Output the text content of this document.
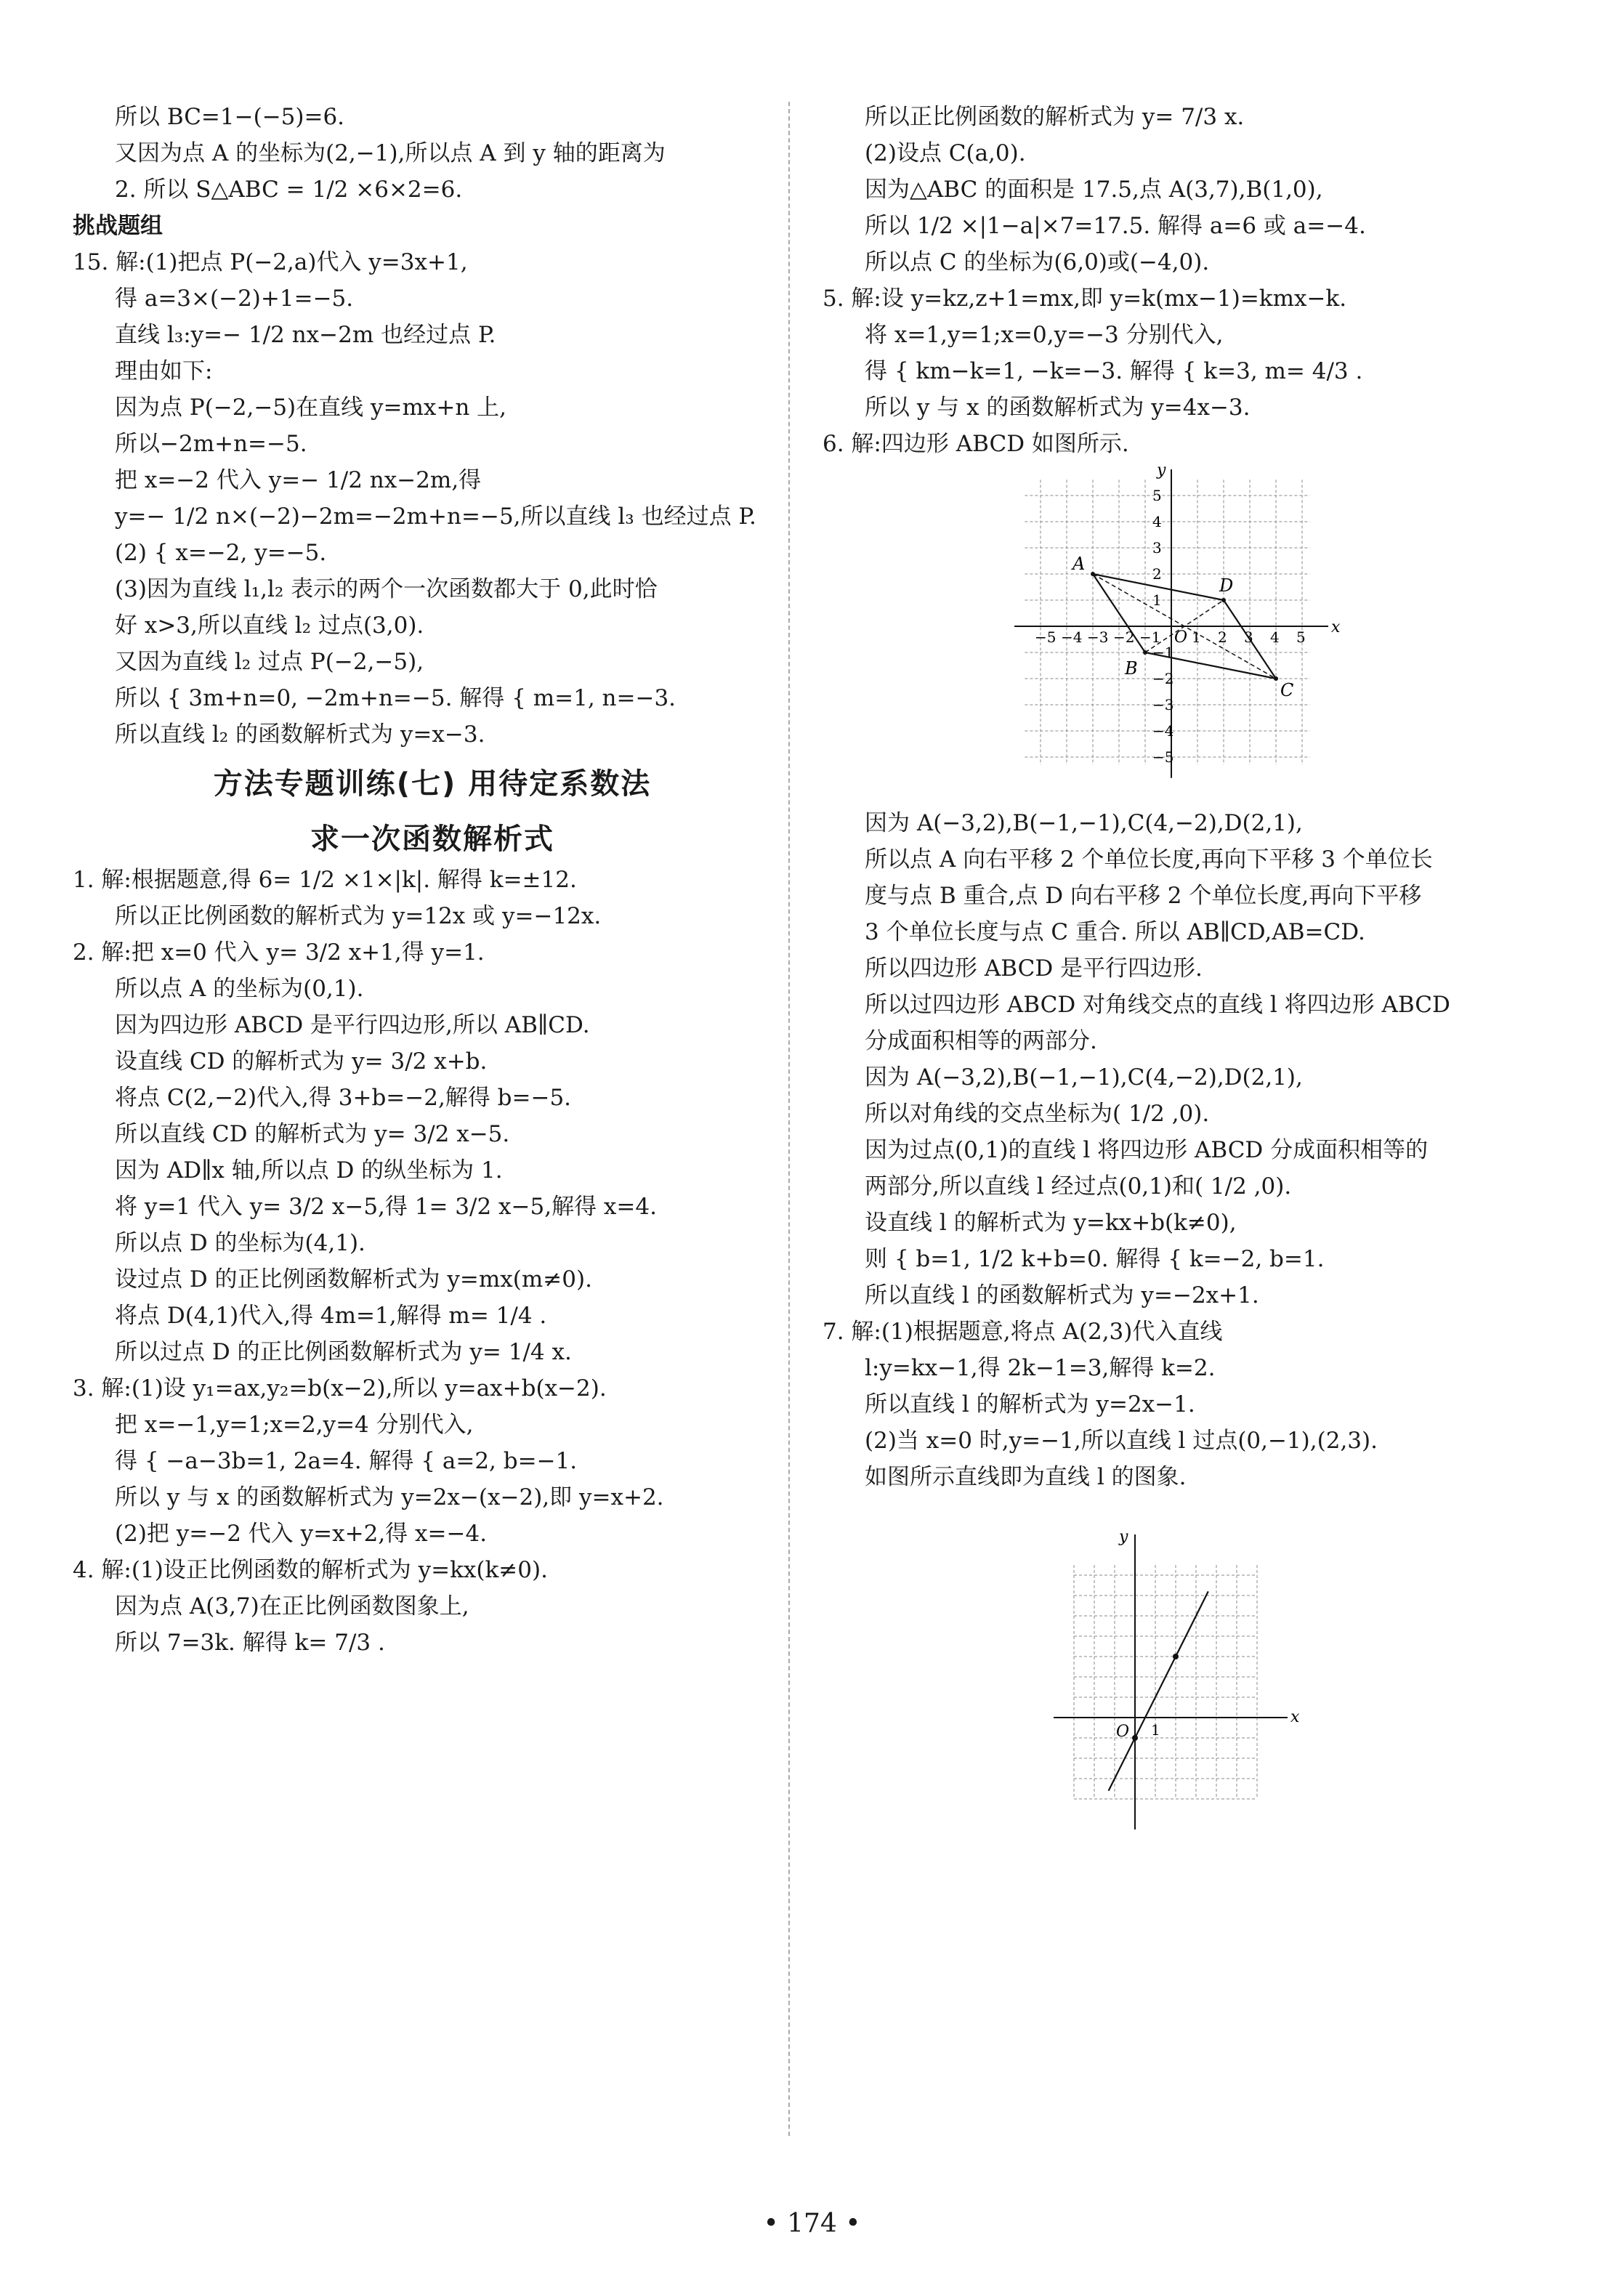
所以 BC=1−(−5)=6.
又因为点 A 的坐标为(2,−1),所以点 A 到 y 轴的距离为
2. 所以 S△ABC = 1/2 ×6×2=6.
挑战题组
15. 解:(1)把点 P(−2,a)代入 y=3x+1,
得 a=3×(−2)+1=−5.
直线 l₃:y=− 1/2 nx−2m 也经过点 P.
理由如下:
因为点 P(−2,−5)在直线 y=mx+n 上,
所以−2m+n=−5.
把 x=−2 代入 y=− 1/2 nx−2m,得
y=− 1/2 n×(−2)−2m=−2m+n=−5,所以直线 l₃ 也经过点 P.
(2) { x=−2, y=−5.
(3)因为直线 l₁,l₂ 表示的两个一次函数都大于 0,此时恰
好 x>3,所以直线 l₂ 过点(3,0).
又因为直线 l₂ 过点 P(−2,−5),
所以 { 3m+n=0, −2m+n=−5. 解得 { m=1, n=−3.
所以直线 l₂ 的函数解析式为 y=x−3.
方法专题训练(七) 用待定系数法
求一次函数解析式
1. 解:根据题意,得 6= 1/2 ×1×|k|. 解得 k=±12.
所以正比例函数的解析式为 y=12x 或 y=−12x.
2. 解:把 x=0 代入 y= 3/2 x+1,得 y=1.
所以点 A 的坐标为(0,1).
因为四边形 ABCD 是平行四边形,所以 AB∥CD.
设直线 CD 的解析式为 y= 3/2 x+b.
将点 C(2,−2)代入,得 3+b=−2,解得 b=−5.
所以直线 CD 的解析式为 y= 3/2 x−5.
因为 AD∥x 轴,所以点 D 的纵坐标为 1.
将 y=1 代入 y= 3/2 x−5,得 1= 3/2 x−5,解得 x=4.
所以点 D 的坐标为(4,1).
设过点 D 的正比例函数解析式为 y=mx(m≠0).
将点 D(4,1)代入,得 4m=1,解得 m= 1/4 .
所以过点 D 的正比例函数解析式为 y= 1/4 x.
3. 解:(1)设 y₁=ax,y₂=b(x−2),所以 y=ax+b(x−2).
把 x=−1,y=1;x=2,y=4 分别代入,
得 { −a−3b=1, 2a=4. 解得 { a=2, b=−1.
所以 y 与 x 的函数解析式为 y=2x−(x−2),即 y=x+2.
(2)把 y=−2 代入 y=x+2,得 x=−4.
4. 解:(1)设正比例函数的解析式为 y=kx(k≠0).
因为点 A(3,7)在正比例函数图象上,
所以 7=3k. 解得 k= 7/3 .
所以正比例函数的解析式为 y= 7/3 x.
(2)设点 C(a,0).
因为△ABC 的面积是 17.5,点 A(3,7),B(1,0),
所以 1/2 ×|1−a|×7=17.5. 解得 a=6 或 a=−4.
所以点 C 的坐标为(6,0)或(−4,0).
5. 解:设 y=kz,z+1=mx,即 y=k(mx−1)=kmx−k.
将 x=1,y=1;x=0,y=−3 分别代入,
得 { km−k=1, −k=−3. 解得 { k=3, m= 4/3 .
所以 y 与 x 的函数解析式为 y=4x−3.
6. 解:四边形 ABCD 如图所示.
x
y
O
−5 −4 −3 −2 −1 1 2 3 4 5
5
4
3
2
1
−1
−2
−3
−4
−5
A
B
C
D
因为 A(−3,2),B(−1,−1),C(4,−2),D(2,1),
所以点 A 向右平移 2 个单位长度,再向下平移 3 个单位长
度与点 B 重合,点 D 向右平移 2 个单位长度,再向下平移
3 个单位长度与点 C 重合. 所以 AB∥CD,AB=CD.
所以四边形 ABCD 是平行四边形.
所以过四边形 ABCD 对角线交点的直线 l 将四边形 ABCD
分成面积相等的两部分.
因为 A(−3,2),B(−1,−1),C(4,−2),D(2,1),
所以对角线的交点坐标为( 1/2 ,0).
因为过点(0,1)的直线 l 将四边形 ABCD 分成面积相等的
两部分,所以直线 l 经过点(0,1)和( 1/2 ,0).
设直线 l 的解析式为 y=kx+b(k≠0),
则 { b=1, 1/2 k+b=0. 解得 { k=−2, b=1.
所以直线 l 的函数解析式为 y=−2x+1.
7. 解:(1)根据题意,将点 A(2,3)代入直线
l:y=kx−1,得 2k−1=3,解得 k=2.
所以直线 l 的解析式为 y=2x−1.
(2)当 x=0 时,y=−1,所以直线 l 过点(0,−1),(2,3).
如图所示直线即为直线 l 的图象.
x
y
O 1
• 174 •
